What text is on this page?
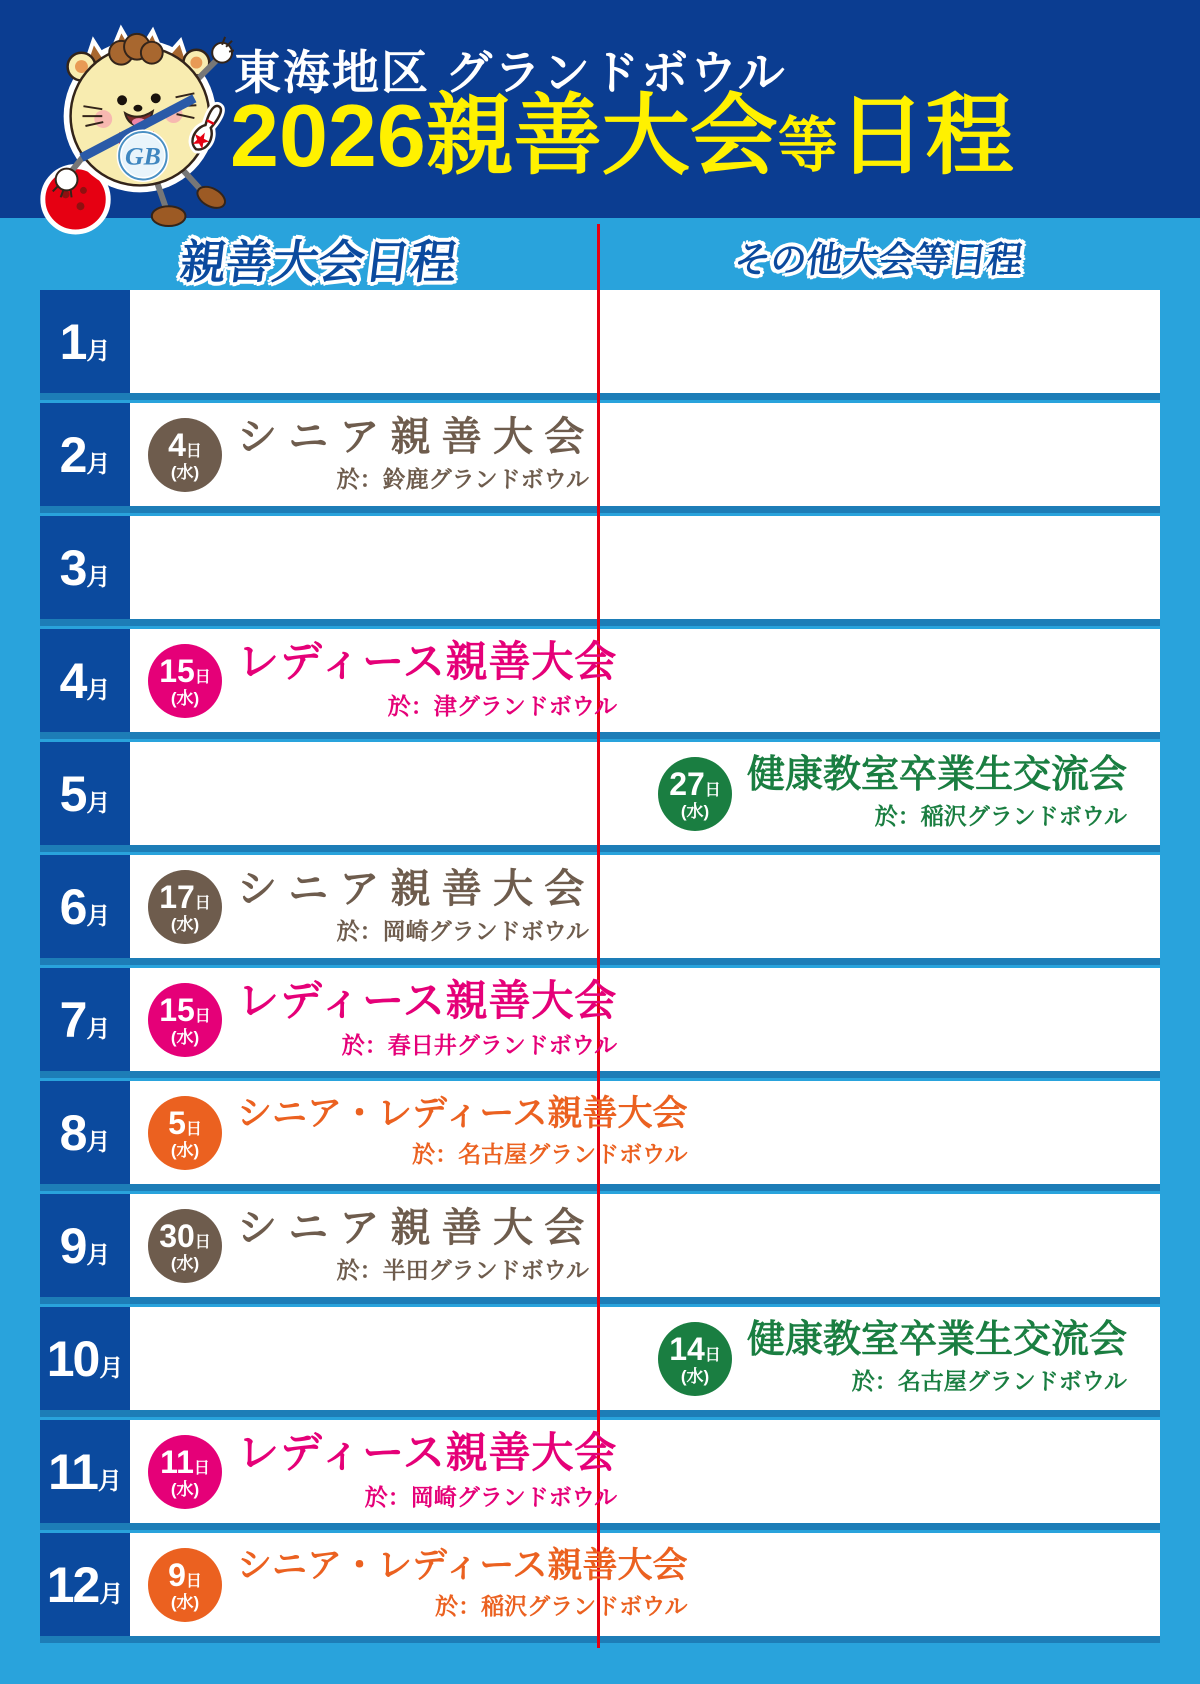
東海地区 グランドボウル
2026親善大会等日程
GB
親善大会日程	その他大会等日程
1 月
2 月
4日
(水)
シニア親善大会
於：鈴鹿グランドボウル
3 月
4 月
15日
(水)
レディース親善大会
於：津グランドボウル
5 月
27日
(水)
健康教室卒業生交流会
於：稲沢グランドボウル
6 月
17日
(水)
シニア親善大会
於：岡崎グランドボウル
7 月
15日
(水)
レディース親善大会
於：春日井グランドボウル
8 月
5日
(水)
シニア・レディース親善大会
於：名古屋グランドボウル
9 月
30日
(水)
シニア親善大会
於：半田グランドボウル
10 月
14日
(水)
健康教室卒業生交流会
於：名古屋グランドボウル
11 月
11日
(水)
レディース親善大会
於：岡崎グランドボウル
12 月
9日
(水)
シニア・レディース親善大会
於：稲沢グランドボウル
